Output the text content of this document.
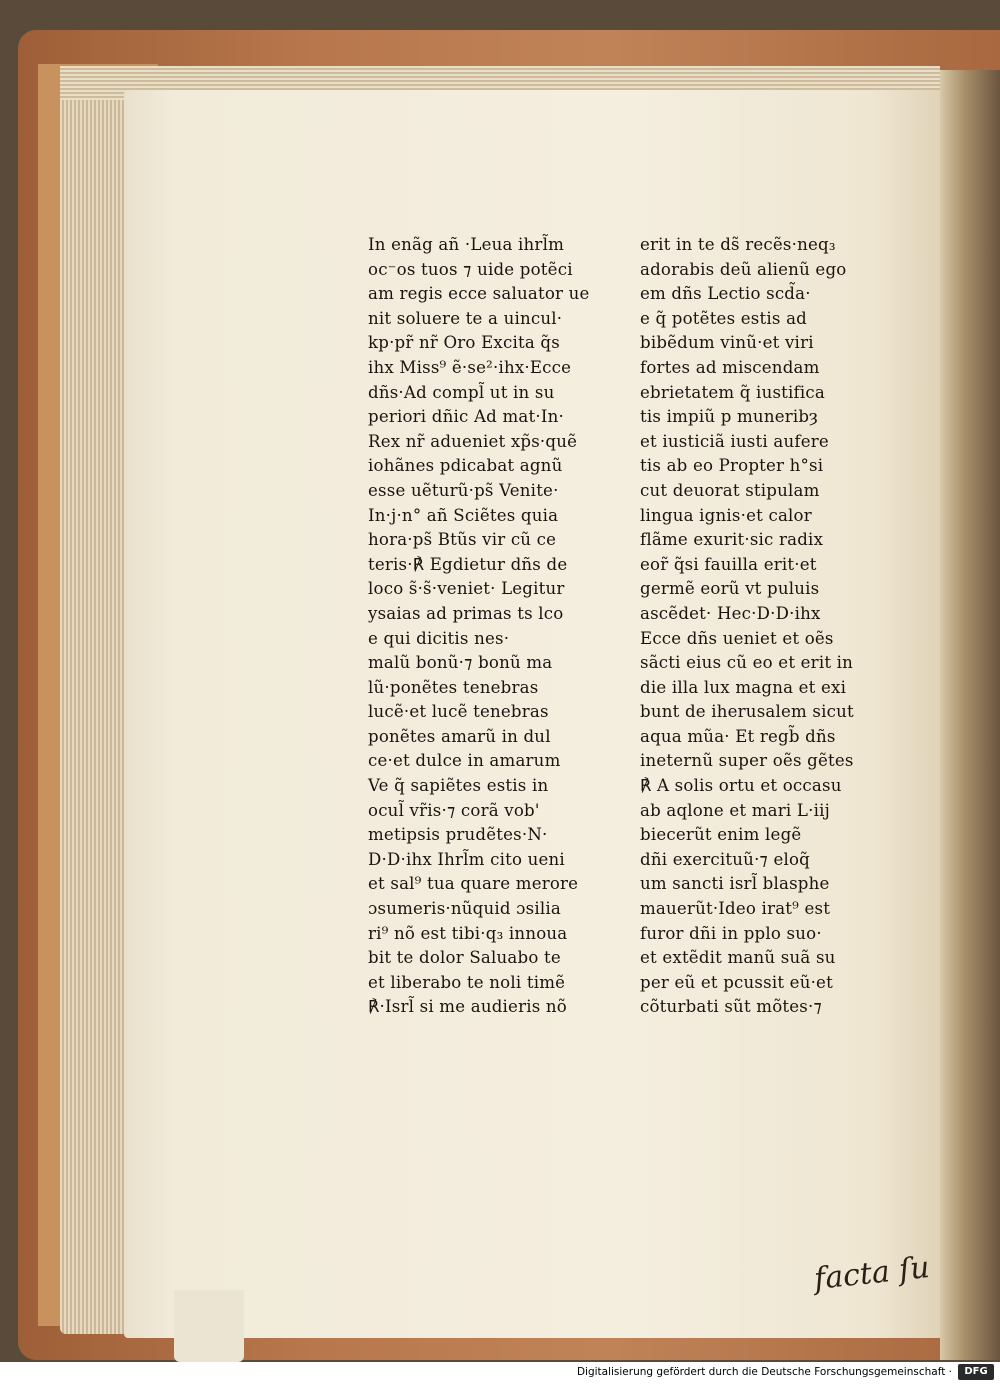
In enãg añ ·Leua ihrl̃m
oc⁻os tuos ⁊ uide potẽci
am regis ecce saluator ue
nit soluere te a uincul·
kp·pr̃ nr̃ Oro Excita q̃s
ihx Miss⁹ ẽ·se²·ihx·Ecce
dñs·Ad compl̃ ut in su
periori dñic Ad mat·In·
Rex nr̃ adueniet xp̃s·quẽ
iohãnes pdicabat agnũ
esse uẽturũ·ps̃ Venite·
In·j·n° añ Sciẽtes quia
hora·ps̃ Btũs vir cũ ce
teris·℟ Egdietur dñs de
loco s̃·s̃·veniet· Legitur
ysaias ad primas ts lco
e qui dicitis nes·
malũ bonũ·⁊ bonũ ma
lũ·ponẽtes tenebras
lucẽ·et lucẽ tenebras
ponẽtes amarũ in dul
ce·et dulce in amarum
Ve q̃ sapiẽtes estis in
ocul̃ vr̃is·⁊ corã vob'
metipsis prudẽtes·N·
D·D·ihx Ihrl̃m cito ueni
et sal⁹ tua quare merore
ɔsumeris·nũquid ɔsilia
ri⁹ nõ est tibi·q₃ innoua
bit te dolor Saluabo te
et liberabo te noli timẽ
℟·Isrl̃ si me audieris nõ
erit in te ds̃ recẽs·neq₃
adorabis deũ alienũ ego
em dñs Lectio scd̃a·
e q̃ potẽtes estis ad
bibẽdum vinũ·et viri
fortes ad miscendam
ebrietatem q̃ iustifica
tis impiũ p muneribȝ
et iusticiã iusti aufere
tis ab eo Propter h°si
cut deuorat stipulam
lingua ignis·et calor
flãme exurit·sic radix
eor̃ q̃si fauilla erit·et
germẽ eorũ vt puluis
ascẽdet· Hec·D·D·ihx
Ecce dñs ueniet et oẽs
sãcti eius cũ eo et erit in
die illa lux magna et exi
bunt de iherusalem sicut
aqua mũa· Et regb̃ dñs
ineternũ super oẽs gẽtes
℟ A solis ortu et occasu
ab aqlone et mari L·iij
biecerũt enim legẽ
dñi exercituũ·⁊ eloq̃
um sancti isrl̃ blasphe
mauerũt·Ideo irat⁹ est
furor dñi in pplo suo·
et extẽdit manũ suã su
per eũ et pcussit eũ·et
cõturbati sũt mõtes·⁊
facta ſu
Digitalisierung gefördert durch die Deutsche Forschungsgemeinschaft ·	DFG
